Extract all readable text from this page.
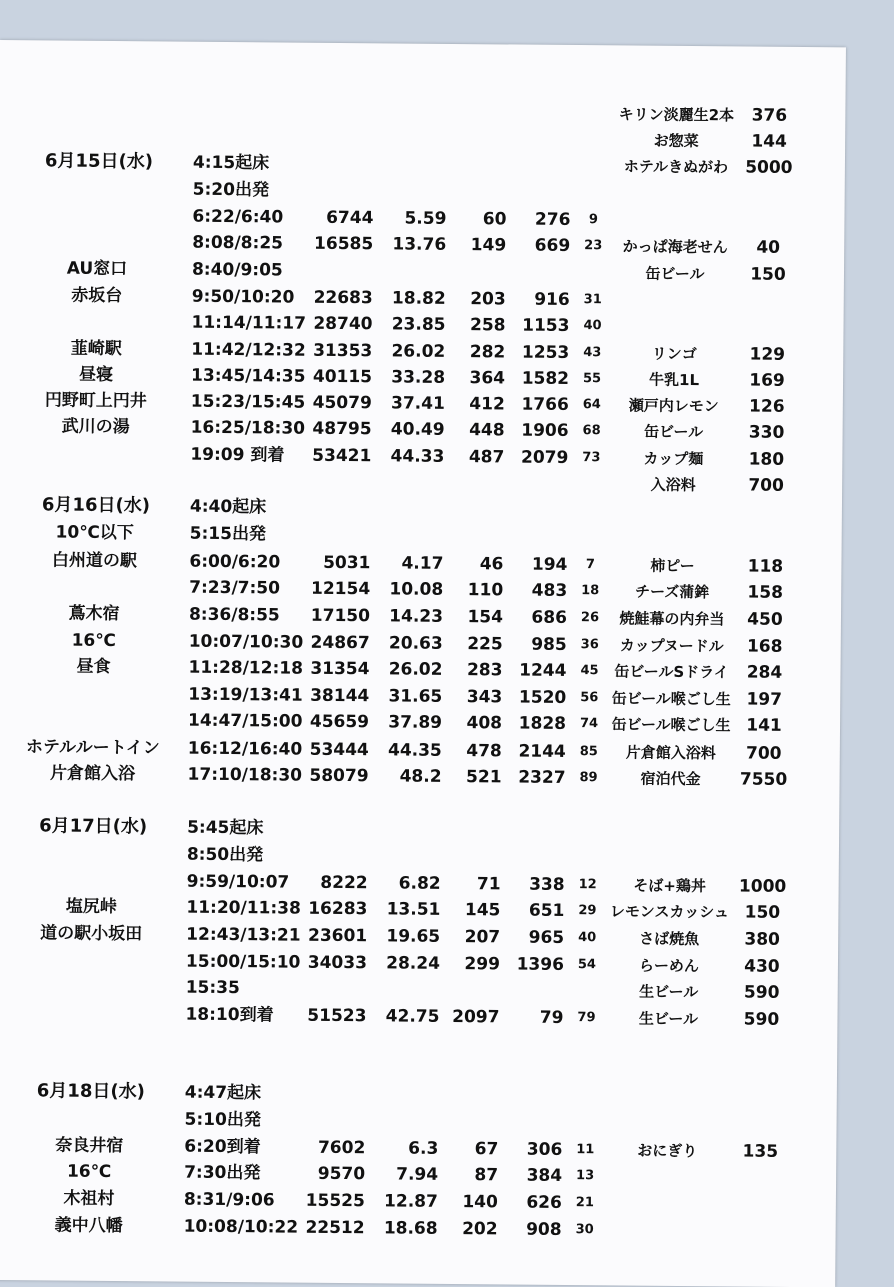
キリン淡麗生2本	376
お惣菜	144
6月15日(水)	4:15起床	ホテルきぬがわ	5000
5:20出発
6:22/6:40	6744	5.59	60	276	9
8:08/8:25	16585	13.76	149	669	23	かっぱ海老せん	40
AU窓口	8:40/9:05	缶ビール	150
赤坂台	9:50/10:20	22683	18.82	203	916	31
11:14/11:17 28740	23.85	258 1153	40
韮崎駅	11:42/12:32 31353	26.02	282 1253	43	リンゴ	129
昼寝	13:45/14:35 40115	33.28	364 1582	55	牛乳1L	169
円野町上円井	15:23/15:45 45079	37.41	412 1766	64	瀬戸内レモン	126
武川の湯	16:25/18:30 48795	40.49	448 1906	68	缶ビール	330
19:09 到着	53421	44.33	487 2079	73	カップ麺	180
入浴料	700
6月16日(水)	4:40起床
10℃以下	5:15出発
白州道の駅	6:00/6:20	5031	4.17	46	194	7	柿ピー	118
7:23/7:50	12154	10.08	110	483	18	チーズ蒲鉾	158
蔦木宿	8:36/8:55	17150	14.23	154	686	26	焼鮭幕の内弁当	450
16℃	10:07/10:30 24867	20.63	225	985	36	カップヌードル	168
昼食	11:28/12:18 31354	26.02	283 1244	45	缶ビールSドライ	284
13:19/13:41 38144	31.65	343 1520	56 缶ビール喉ごし生 197
14:47/15:00 45659	37.89	408 1828	74 缶ビール喉ごし生 141
ホテルルートイン	16:12/16:40 53444	44.35	478 2144	85	片倉館入浴料	700
片倉館入浴	17:10/18:30 58079	48.2	521 2327	89	宿泊代金	7550
6月17日(水)	5:45起床
8:50出発
9:59/10:07	8222	6.82	71	338	12	そば+鶏丼	1000
塩尻峠	11:20/11:38 16283	13.51	145	651	29 レモンスカッシュ 150
道の駅小坂田	12:43/13:21 23601	19.65	207	965	40	さば焼魚	380
15:00/15:10 34033	28.24	299 1396	54	らーめん	430
15:35	生ビール	590
18:10到着	51523	42.75 2097	79	79	生ビール	590
6月18日(水)	4:47起床
5:10出発
奈良井宿	6:20到着	7602	6.3	67	306	11	おにぎり	135
16℃	7:30出発	9570	7.94	87	384	13
木祖村	8:31/9:06	15525	12.87	140	626	21
義中八幡	10:08/10:22 22512	18.68	202	908	30
